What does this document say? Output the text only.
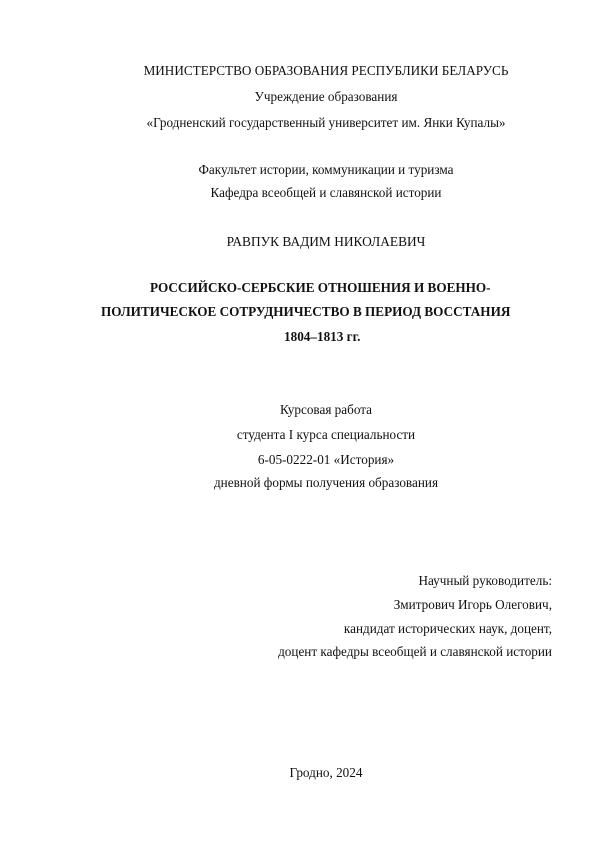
МИНИСТЕРСТВО ОБРАЗОВАНИЯ РЕСПУБЛИКИ БЕЛАРУСЬ
Учреждение образования
«Гродненский государственный университет им. Янки Купалы»
Факультет истории, коммуникации и туризма
Кафедра всеобщей и славянской истории
РАВПУК ВАДИМ НИКОЛАЕВИЧ
РОССИЙСКО-СЕРБСКИЕ ОТНОШЕНИЯ И ВОЕННО-
ПОЛИТИЧЕСКОЕ СОТРУДНИЧЕСТВО В ПЕРИОД ВОССТАНИЯ
1804–1813 гг.
Курсовая работа
студента I курса специальности
6-05-0222-01 «История»
дневной формы получения образования
Научный руководитель:
Змитрович Игорь Олегович,
кандидат исторических наук, доцент,
доцент кафедры всеобщей и славянской истории
Гродно, 2024
